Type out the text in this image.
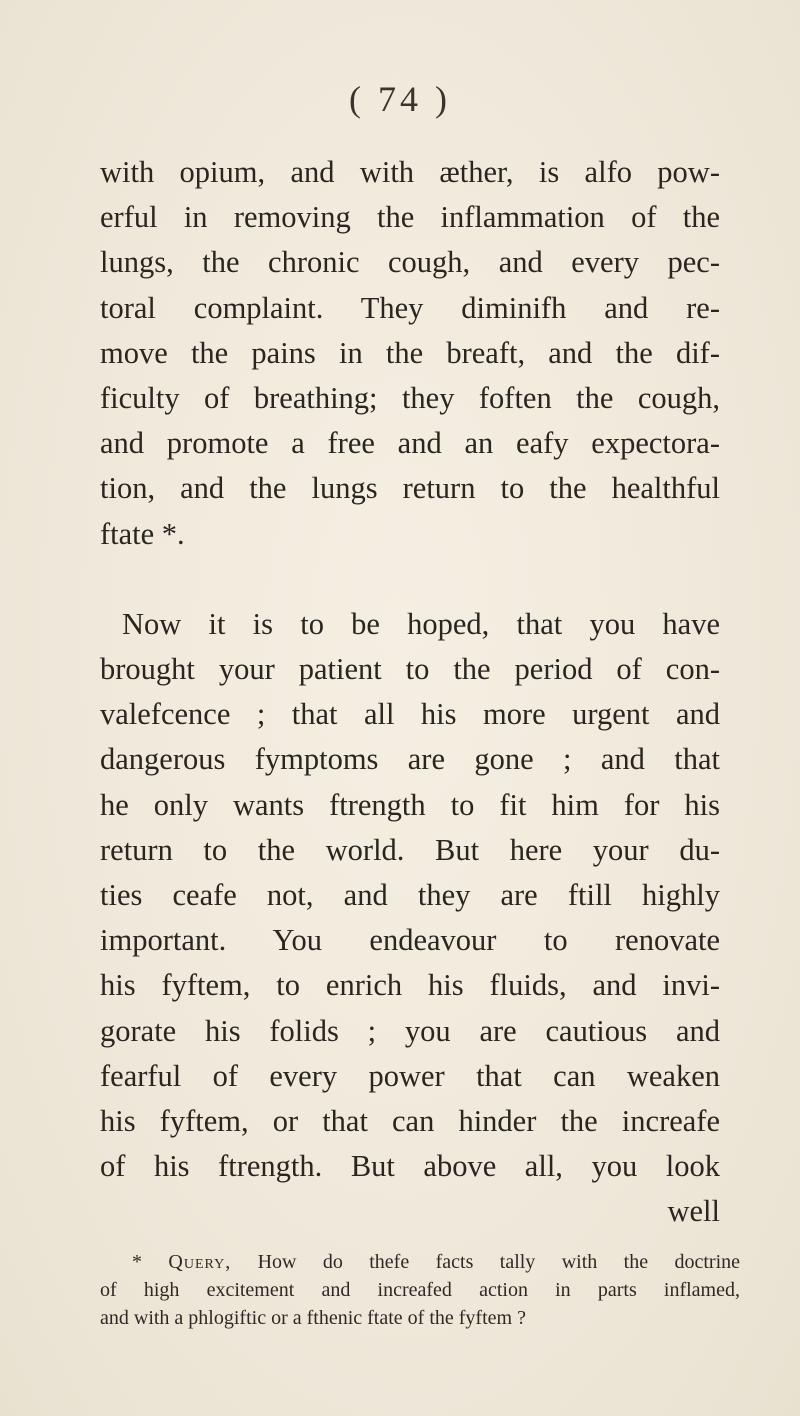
( 74 )
with opium, and with æther, is alfo pow-
erful in removing the inflammation of the
lungs, the chronic cough, and every pec-
toral complaint. They diminifh and re-
move the pains in the breaft, and the dif-
ficulty of breathing; they foften the cough,
and promote a free and an eafy expectora-
tion, and the lungs return to the healthful
ftate *.
Now it is to be hoped, that you have
brought your patient to the period of con-
valefcence ; that all his more urgent and
dangerous fymptoms are gone ; and that
he only wants ftrength to fit him for his
return to the world. But here your du-
ties ceafe not, and they are ftill highly
important. You endeavour to renovate
his fyftem, to enrich his fluids, and invi-
gorate his folids ; you are cautious and
fearful of every power that can weaken
his fyftem, or that can hinder the increafe
of his ftrength. But above all, you look
well
* Query, How do thefe facts tally with the doctrine
of high excitement and increafed action in parts inflamed,
and with a phlogiftic or a fthenic ftate of the fyftem ?
